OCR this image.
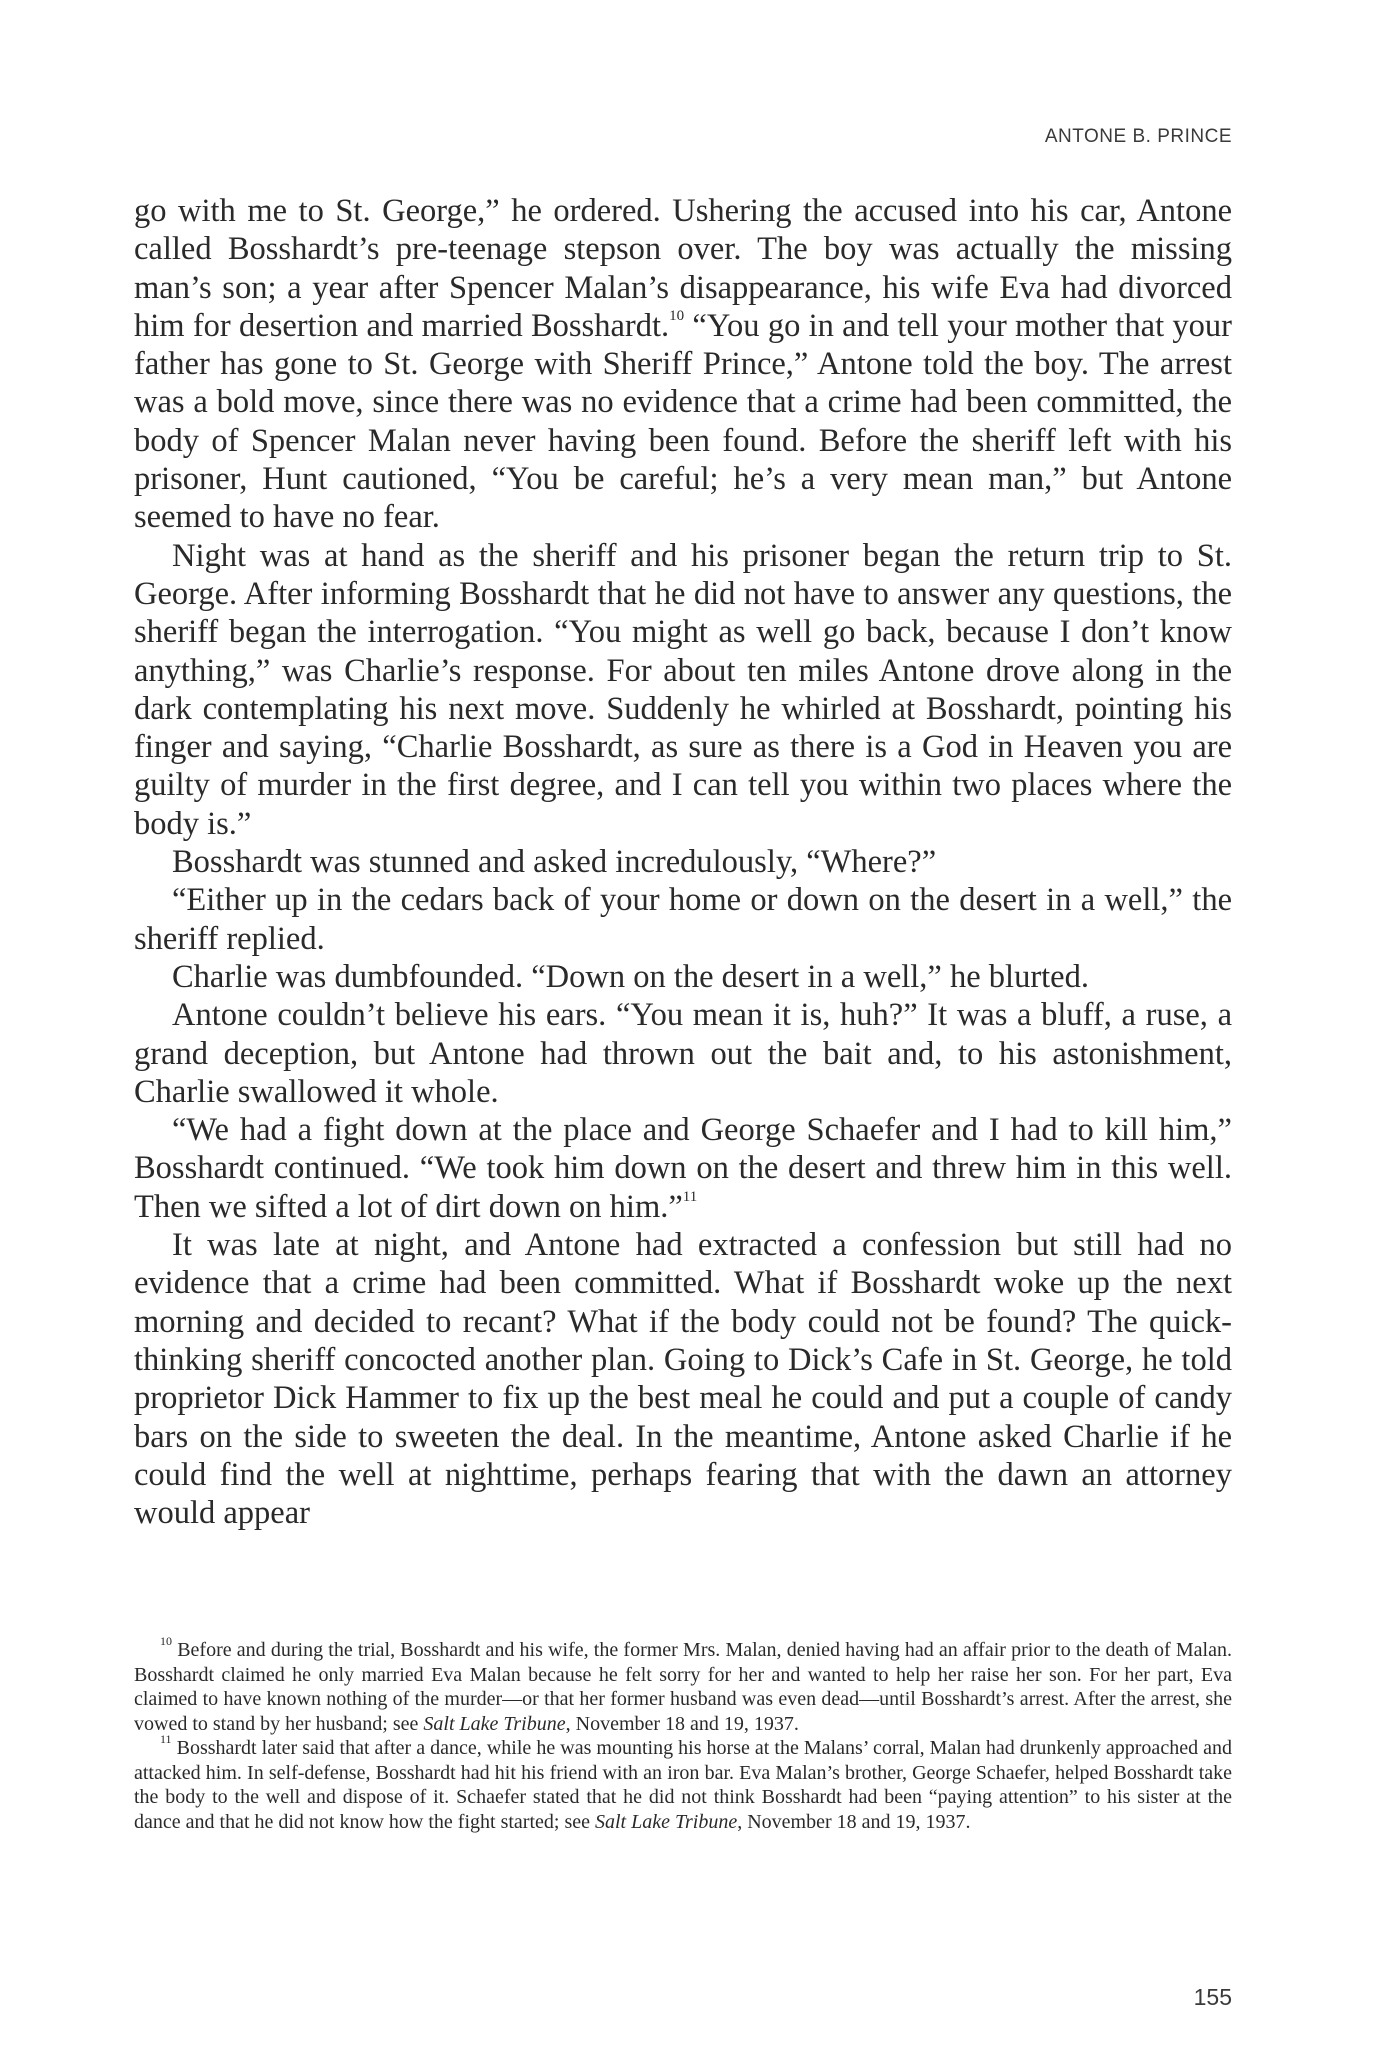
ANTONE B. PRINCE

go with me to St. George,” he ordered. Ushering the accused into his car, Antone called Bosshardt’s pre-teenage stepson over. The boy was actually the missing man’s son; a year after Spencer Malan’s disappearance, his wife Eva had divorced him for desertion and married Bosshardt.$^{10}$ “You go in and tell your mother that your father has gone to St. George with Sheriff Prince,” Antone told the boy. The arrest was a bold move, since there was no evidence that a crime had been committed, the body of Spencer Malan never having been found. Before the sheriff left with his prisoner, Hunt cautioned, “You be careful; he’s a very mean man,” but Antone seemed to have no fear.

Night was at hand as the sheriff and his prisoner began the return trip to St. George. After informing Bosshardt that he did not have to answer any questions, the sheriff began the interrogation. “You might as well go back, because I don’t know anything,” was Charlie’s response. For about ten miles Antone drove along in the dark contemplating his next move. Suddenly he whirled at Bosshardt, pointing his finger and saying, “Charlie Bosshardt, as sure as there is a God in Heaven you are guilty of murder in the first degree, and I can tell you within two places where the body is.”

Bosshardt was stunned and asked incredulously, “Where?”

“Either up in the cedars back of your home or down on the desert in a well,” the sheriff replied.

Charlie was dumbfounded. “Down on the desert in a well,” he blurted.

Antone couldn’t believe his ears. “You mean it is, huh?” It was a bluff, a ruse, a grand deception, but Antone had thrown out the bait and, to his astonishment, Charlie swallowed it whole.

“We had a fight down at the place and George Schaefer and I had to kill him,” Bosshardt continued. “We took him down on the desert and threw him in this well. Then we sifted a lot of dirt down on him.”$^{11}$

It was late at night, and Antone had extracted a confession but still had no evidence that a crime had been committed. What if Bosshardt woke up the next morning and decided to recant? What if the body could not be found? The quick-thinking sheriff concocted another plan. Going to Dick’s Cafe in St. George, he told proprietor Dick Hammer to fix up the best meal he could and put a couple of candy bars on the side to sweeten the deal. In the meantime, Antone asked Charlie if he could find the well at nighttime, perhaps fearing that with the dawn an attorney would appear

$^{10}$ Before and during the trial, Bosshardt and his wife, the former Mrs. Malan, denied having had an affair prior to the death of Malan. Bosshardt claimed he only married Eva Malan because he felt sorry for her and wanted to help her raise her son. For her part, Eva claimed to have known nothing of the murder—or that her former husband was even dead—until Bosshardt’s arrest. After the arrest, she vowed to stand by her husband; see Salt Lake Tribune, November 18 and 19, 1937.

$^{11}$ Bosshardt later said that after a dance, while he was mounting his horse at the Malans’ corral, Malan had drunkenly approached and attacked him. In self-defense, Bosshardt had hit his friend with an iron bar. Eva Malan’s brother, George Schaefer, helped Bosshardt take the body to the well and dispose of it. Schaefer stated that he did not think Bosshardt had been “paying attention” to his sister at the dance and that he did not know how the fight started; see Salt Lake Tribune, November 18 and 19, 1937.

155
